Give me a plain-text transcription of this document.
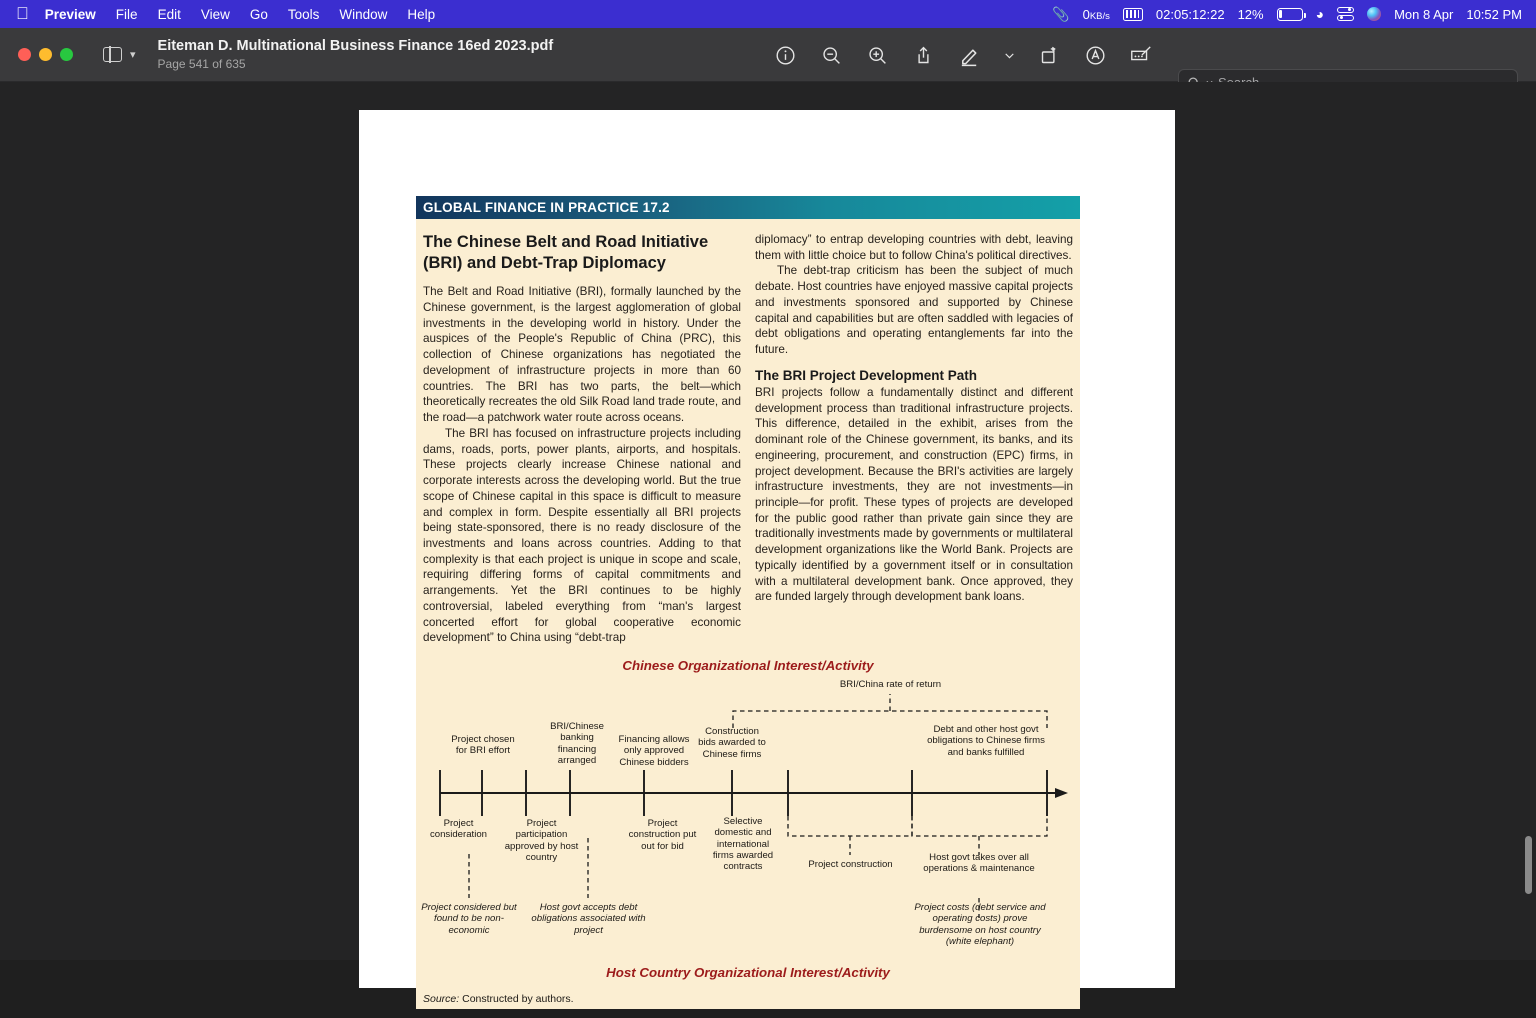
Preview File Edit View Go Tools Window Help	📎 0KB/s	02:05:12:22 12%	◕	Mon 8 Apr 10:52 PM
▾
Eiteman D. Multinational Business Finance 16ed 2023.pdf
Page 541 of 635
GLOBAL FINANCE IN PRACTICE 17.2
The Chinese Belt and Road Initiative (BRI) and Debt-Trap Diplomacy

The Belt and Road Initiative (BRI), formally launched by the Chinese government, is the largest agglomeration of global investments in the developing world in history. Under the auspices of the People's Republic of China (PRC), this collection of Chinese organizations has negotiated the development of infrastructure projects in more than 60 countries. The BRI has two parts, the belt—which theoretically recreates the old Silk Road land trade route, and the road—a patchwork water route across oceans.

The BRI has focused on infrastructure projects including dams, roads, ports, power plants, airports, and hospitals. These projects clearly increase Chinese national and corporate interests across the developing world. But the true scope of Chinese capital in this space is difficult to measure and complex in form. Despite essentially all BRI projects being state-sponsored, there is no ready disclosure of the investments and loans across countries. Adding to that complexity is that each project is unique in scope and scale, requiring differing forms of capital commitments and arrangements. Yet the BRI continues to be highly controversial, labeled everything from “man's largest concerted effort for global cooperative economic development” to China using “debt-trap

diplomacy” to entrap developing countries with debt, leaving them with little choice but to follow China's political directives.

The debt-trap criticism has been the subject of much debate. Host countries have enjoyed massive capital projects and investments sponsored and supported by Chinese capital and capabilities but are often saddled with legacies of debt obligations and operating entanglements far into the future.

The BRI Project Development Path

BRI projects follow a fundamentally distinct and different development process than traditional infrastructure projects. This difference, detailed in the exhibit, arises from the dominant role of the Chinese government, its banks, and its engineering, procurement, and construction (EPC) firms, in project development. Because the BRI's activities are largely infrastructure investments, they are not investments—in principle—for profit. These types of projects are developed for the public good rather than private gain since they are traditionally investments made by governments or multilateral development organizations like the World Bank. Projects are typically identified by a government itself or in consultation with a multilateral development bank. Once approved, they are funded largely through development bank loans.

Chinese Organizational Interest/Activity
Host Country Organizational Interest/Activity
Project chosen for BRI effort
BRI/Chinese banking financing arranged
Financing allows only approved Chinese bidders
Construction bids awarded to Chinese firms
Debt and other host govt obligations to Chinese firms and banks fulfilled
BRI/China rate of return
Project consideration
Project participation approved by host country
Project construction put out for bid
Selective domestic and international firms awarded contracts	Project construction
Host govt takes over all operations & maintenance
Project considered but found to be non-economic
Host govt accepts debt obligations associated with project
Project costs (debt service and operating costs) prove burdensome on host country (white elephant)
Source: Constructed by authors.
